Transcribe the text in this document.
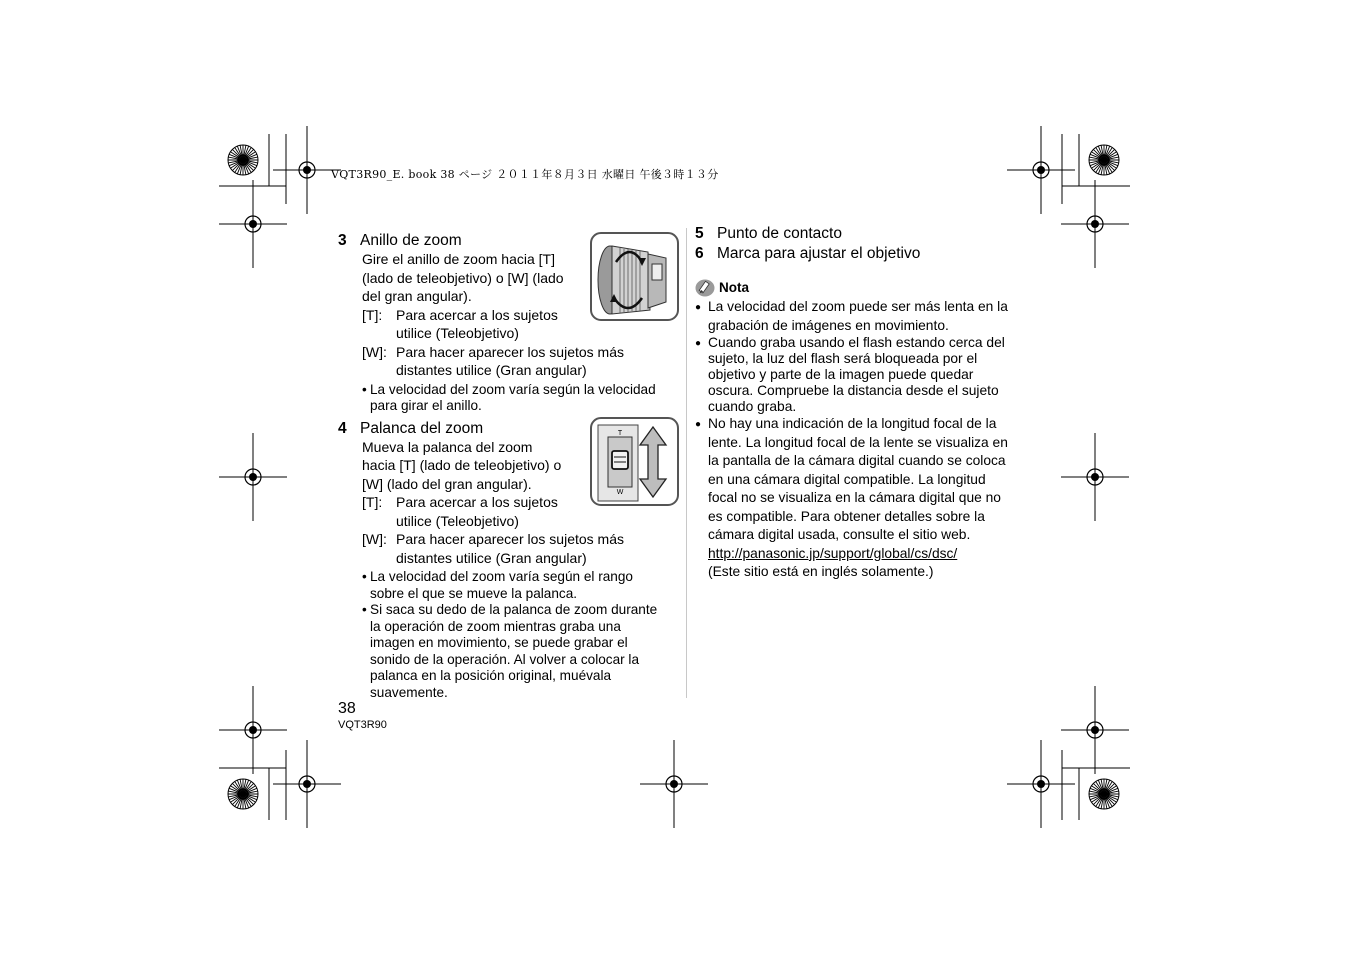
VQT3R90_E. book 38 ページ ２０１１年８月３日 水曜日 午後３時１３分
3 Anillo de zoom
Gire el anillo de zoom hacia [T]
(lado de teleobjetivo) o [W] (lado
del gran angular).
[T]: Para acercar a los sujetos
utilice (Teleobjetivo)
[W]: Para hacer aparecer los sujetos más
distantes utilice (Gran angular)
• La velocidad del zoom varía según la velocidad
para girar el anillo.
4 Palanca del zoom
Mueva la palanca del zoom
hacia [T] (lado de teleobjetivo) o
[W] (lado del gran angular).
[T]: Para acercar a los sujetos
utilice (Teleobjetivo)
[W]: Para hacer aparecer los sujetos más
distantes utilice (Gran angular)
• La velocidad del zoom varía según el rango
sobre el que se mueve la palanca.
• Si saca su dedo de la palanca de zoom durante
la operación de zoom mientras graba una
imagen en movimiento, se puede grabar el
sonido de la operación. Al volver a colocar la
palanca en la posición original, muévala
suavemente.
T
W
38
VQT3R90
5 Punto de contacto
6 Marca para ajustar el objetivo
Nota
● La velocidad del zoom puede ser más lenta en la
grabación de imágenes en movimiento.
● Cuando graba usando el flash estando cerca del
sujeto, la luz del flash será bloqueada por el
objetivo y parte de la imagen puede quedar
oscura. Compruebe la distancia desde el sujeto
cuando graba.
● No hay una indicación de la longitud focal de la
lente. La longitud focal de la lente se visualiza en
la pantalla de la cámara digital cuando se coloca
en una cámara digital compatible. La longitud
focal no se visualiza en la cámara digital que no
es compatible. Para obtener detalles sobre la
cámara digital usada, consulte el sitio web.
http://panasonic.jp/support/global/cs/dsc/
(Este sitio está en inglés solamente.)
